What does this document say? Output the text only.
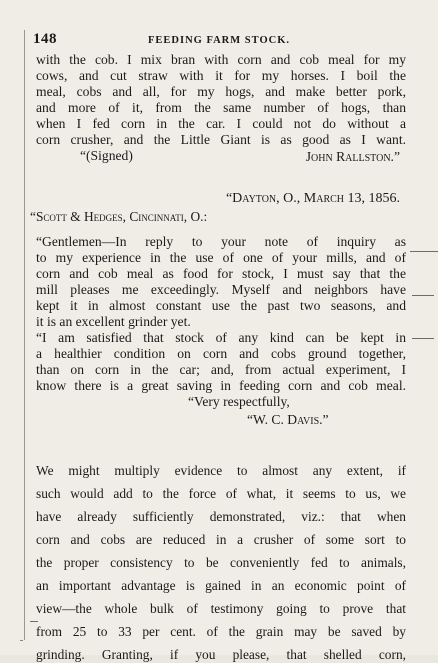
148	FEEDING FARM STOCK.
with the cob. I mix bran with corn and cob meal for my
cows, and cut straw with it for my horses. I boil the
meal, cobs and all, for my hogs, and make better pork,
and more of it, from the same number of hogs, than
when I fed corn in the car. I could not do without a
corn crusher, and the Little Giant is as good as I want.
“(Signed)	John Rallston.”
“Dayton, O., March 13, 1856.
“Scott & Hedges, Cincinnati, O.:
“Gentlemen—In reply to your note of inquiry as
to my experience in the use of one of your mills, and of
corn and cob meal as food for stock, I must say that the
mill pleases me exceedingly. Myself and neighbors have
kept it in almost constant use the past two seasons, and
it is an excellent grinder yet.
“I am satisfied that stock of any kind can be kept in
a healthier condition on corn and cobs ground together,
than on corn in the car; and, from actual experiment, I
know there is a great saving in feeding corn and cob meal.
“Very respectfully,
“W. C. Davis.”
We might multiply evidence to almost any extent, if
such would add to the force of what, it seems to us, we
have already sufficiently demonstrated, viz.: that when
corn and cobs are reduced in a crusher of some sort to
the proper consistency to be conveniently fed to animals,
an important advantage is gained in an economic point of
view—the whole bulk of testimony going to prove that
from 25 to 33 per cent. of the grain may be saved by
grinding. Granting, if you please, that shelled corn,
